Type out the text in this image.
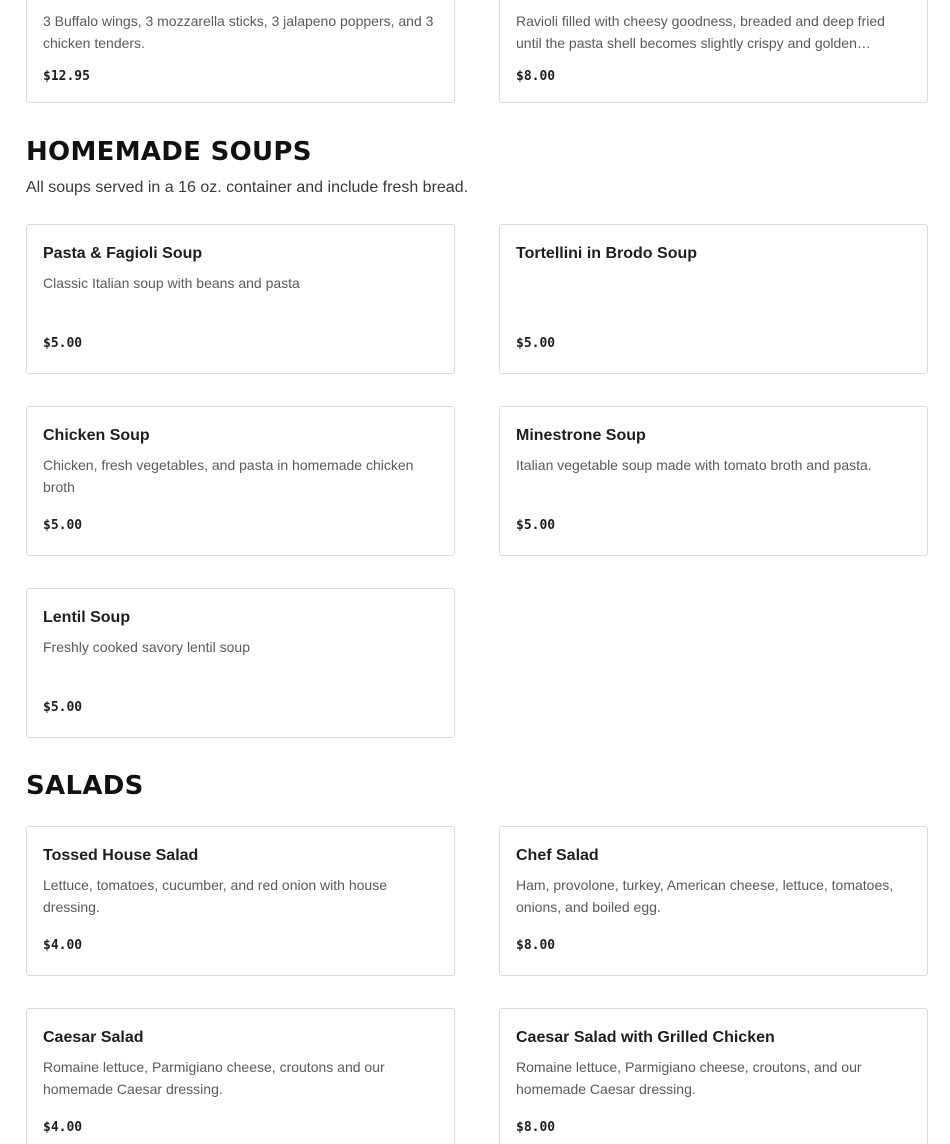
3 Buffalo wings, 3 mozzarella sticks, 3 jalapeno poppers, and 3 chicken tenders.
$12.95
Ravioli filled with cheesy goodness, breaded and deep fried until the pasta shell becomes slightly crispy and golden…
$8.00
HOMEMADE SOUPS

All soups served in a 16 oz. container and include fresh bread.

Pasta & Fagioli Soup
Classic Italian soup with beans and pasta
$5.00
Tortellini in Brodo Soup
$5.00
Chicken Soup
Chicken, fresh vegetables, and pasta in homemade chicken broth
$5.00
Minestrone Soup
Italian vegetable soup made with tomato broth and pasta.
$5.00
Lentil Soup
Freshly cooked savory lentil soup
$5.00
SALADS
Tossed House Salad
Lettuce, tomatoes, cucumber, and red onion with house dressing.
$4.00
Chef Salad
Ham, provolone, turkey, American cheese, lettuce, tomatoes, onions, and boiled egg.
$8.00
Caesar Salad
Romaine lettuce, Parmigiano cheese, croutons and our homemade Caesar dressing.
$4.00
Caesar Salad with Grilled Chicken
Romaine lettuce, Parmigiano cheese, croutons, and our homemade Caesar dressing.
$8.00
